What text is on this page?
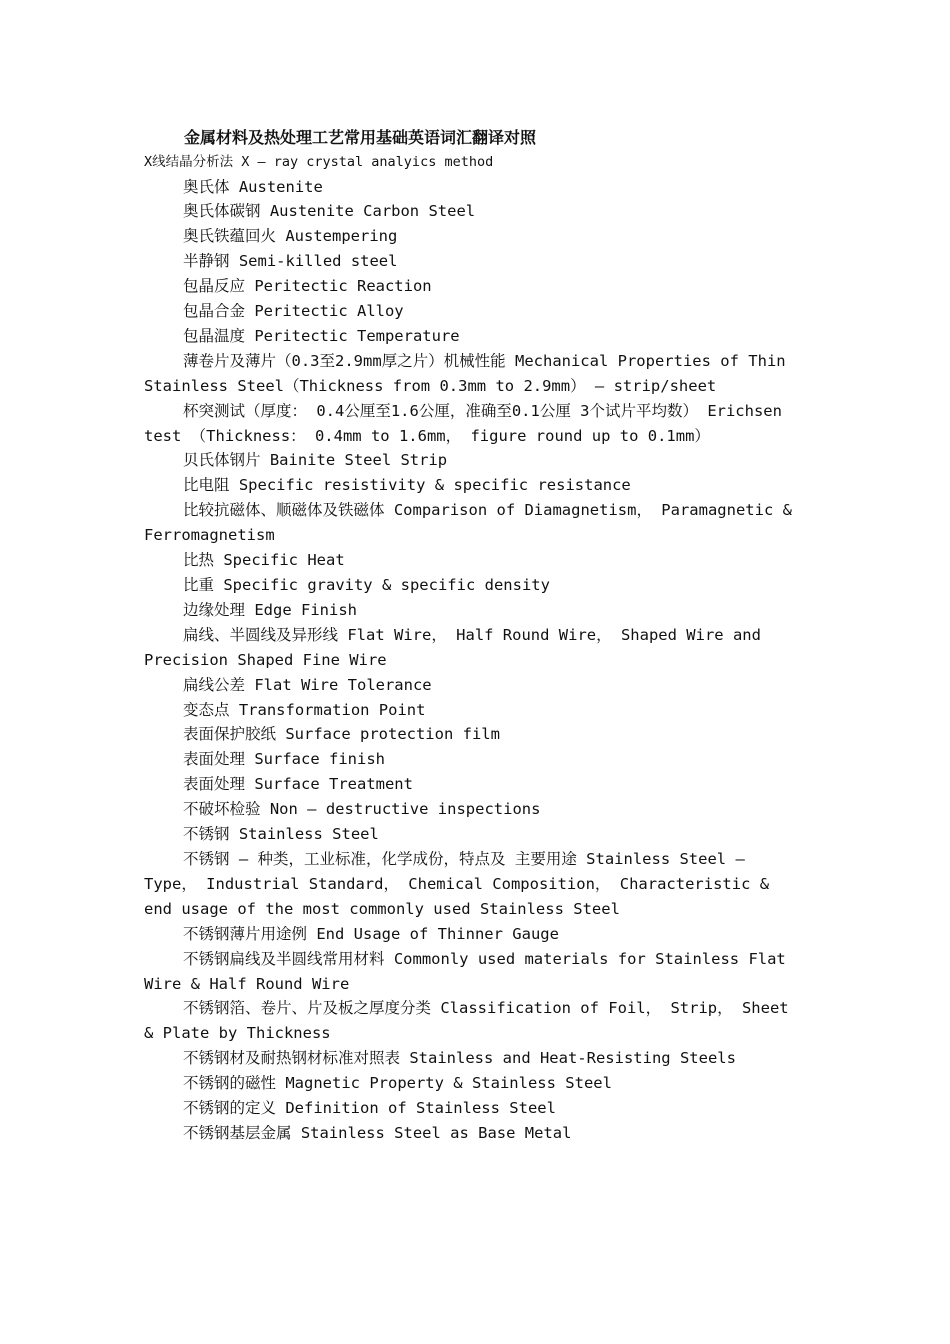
金属材料及热处理工艺常用基础英语词汇翻译对照

X线结晶分析法 X – ray crystal analyics method

奥氏体 Austenite
奥氏体碳钢 Austenite Carbon Steel
奥氏铁蕴回火 Austempering
半静钢 Semi-killed steel
包晶反应 Peritectic Reaction
包晶合金 Peritectic Alloy
包晶温度 Peritectic Temperature
薄卷片及薄片（0.3至2.9mm厚之片）机械性能 Mechanical Properties of Thin Stainless Steel（Thickness from 0.3mm to 2.9mm） – strip/sheet
杯突测试（厚度： 0.4公厘至1.6公厘，准确至0.1公厘 3个试片平均数） Erichsen test （Thickness： 0.4mm to 1.6mm， figure round up to 0.1mm）
贝氏体钢片 Bainite Steel Strip
比电阻 Specific resistivity & specific resistance
比较抗磁体、顺磁体及铁磁体 Comparison of Diamagnetism， Paramagnetic & Ferromagnetism
比热 Specific Heat
比重 Specific gravity & specific density
边缘处理 Edge Finish
扁线、半圆线及异形线 Flat Wire， Half Round Wire， Shaped Wire and Precision Shaped Fine Wire
扁线公差 Flat Wire Tolerance
变态点 Transformation Point
表面保护胶纸 Surface protection film
表面处理 Surface finish
表面处理 Surface Treatment
不破坏检验 Non – destructive inspections
不锈钢 Stainless Steel
不锈钢 – 种类，工业标准，化学成份，特点及 主要用途 Stainless Steel – Type， Industrial Standard， Chemical Composition， Characteristic & end usage of the most commonly used Stainless Steel
不锈钢薄片用途例 End Usage of Thinner Gauge
不锈钢扁线及半圆线常用材料 Commonly used materials for Stainless Flat Wire & Half Round Wire
不锈钢箔、卷片、片及板之厚度分类 Classification of Foil， Strip， Sheet & Plate by Thickness
不锈钢材及耐热钢材标准对照表 Stainless and Heat-Resisting Steels
不锈钢的磁性 Magnetic Property & Stainless Steel
不锈钢的定义 Definition of Stainless Steel
不锈钢基层金属 Stainless Steel as Base Metal
